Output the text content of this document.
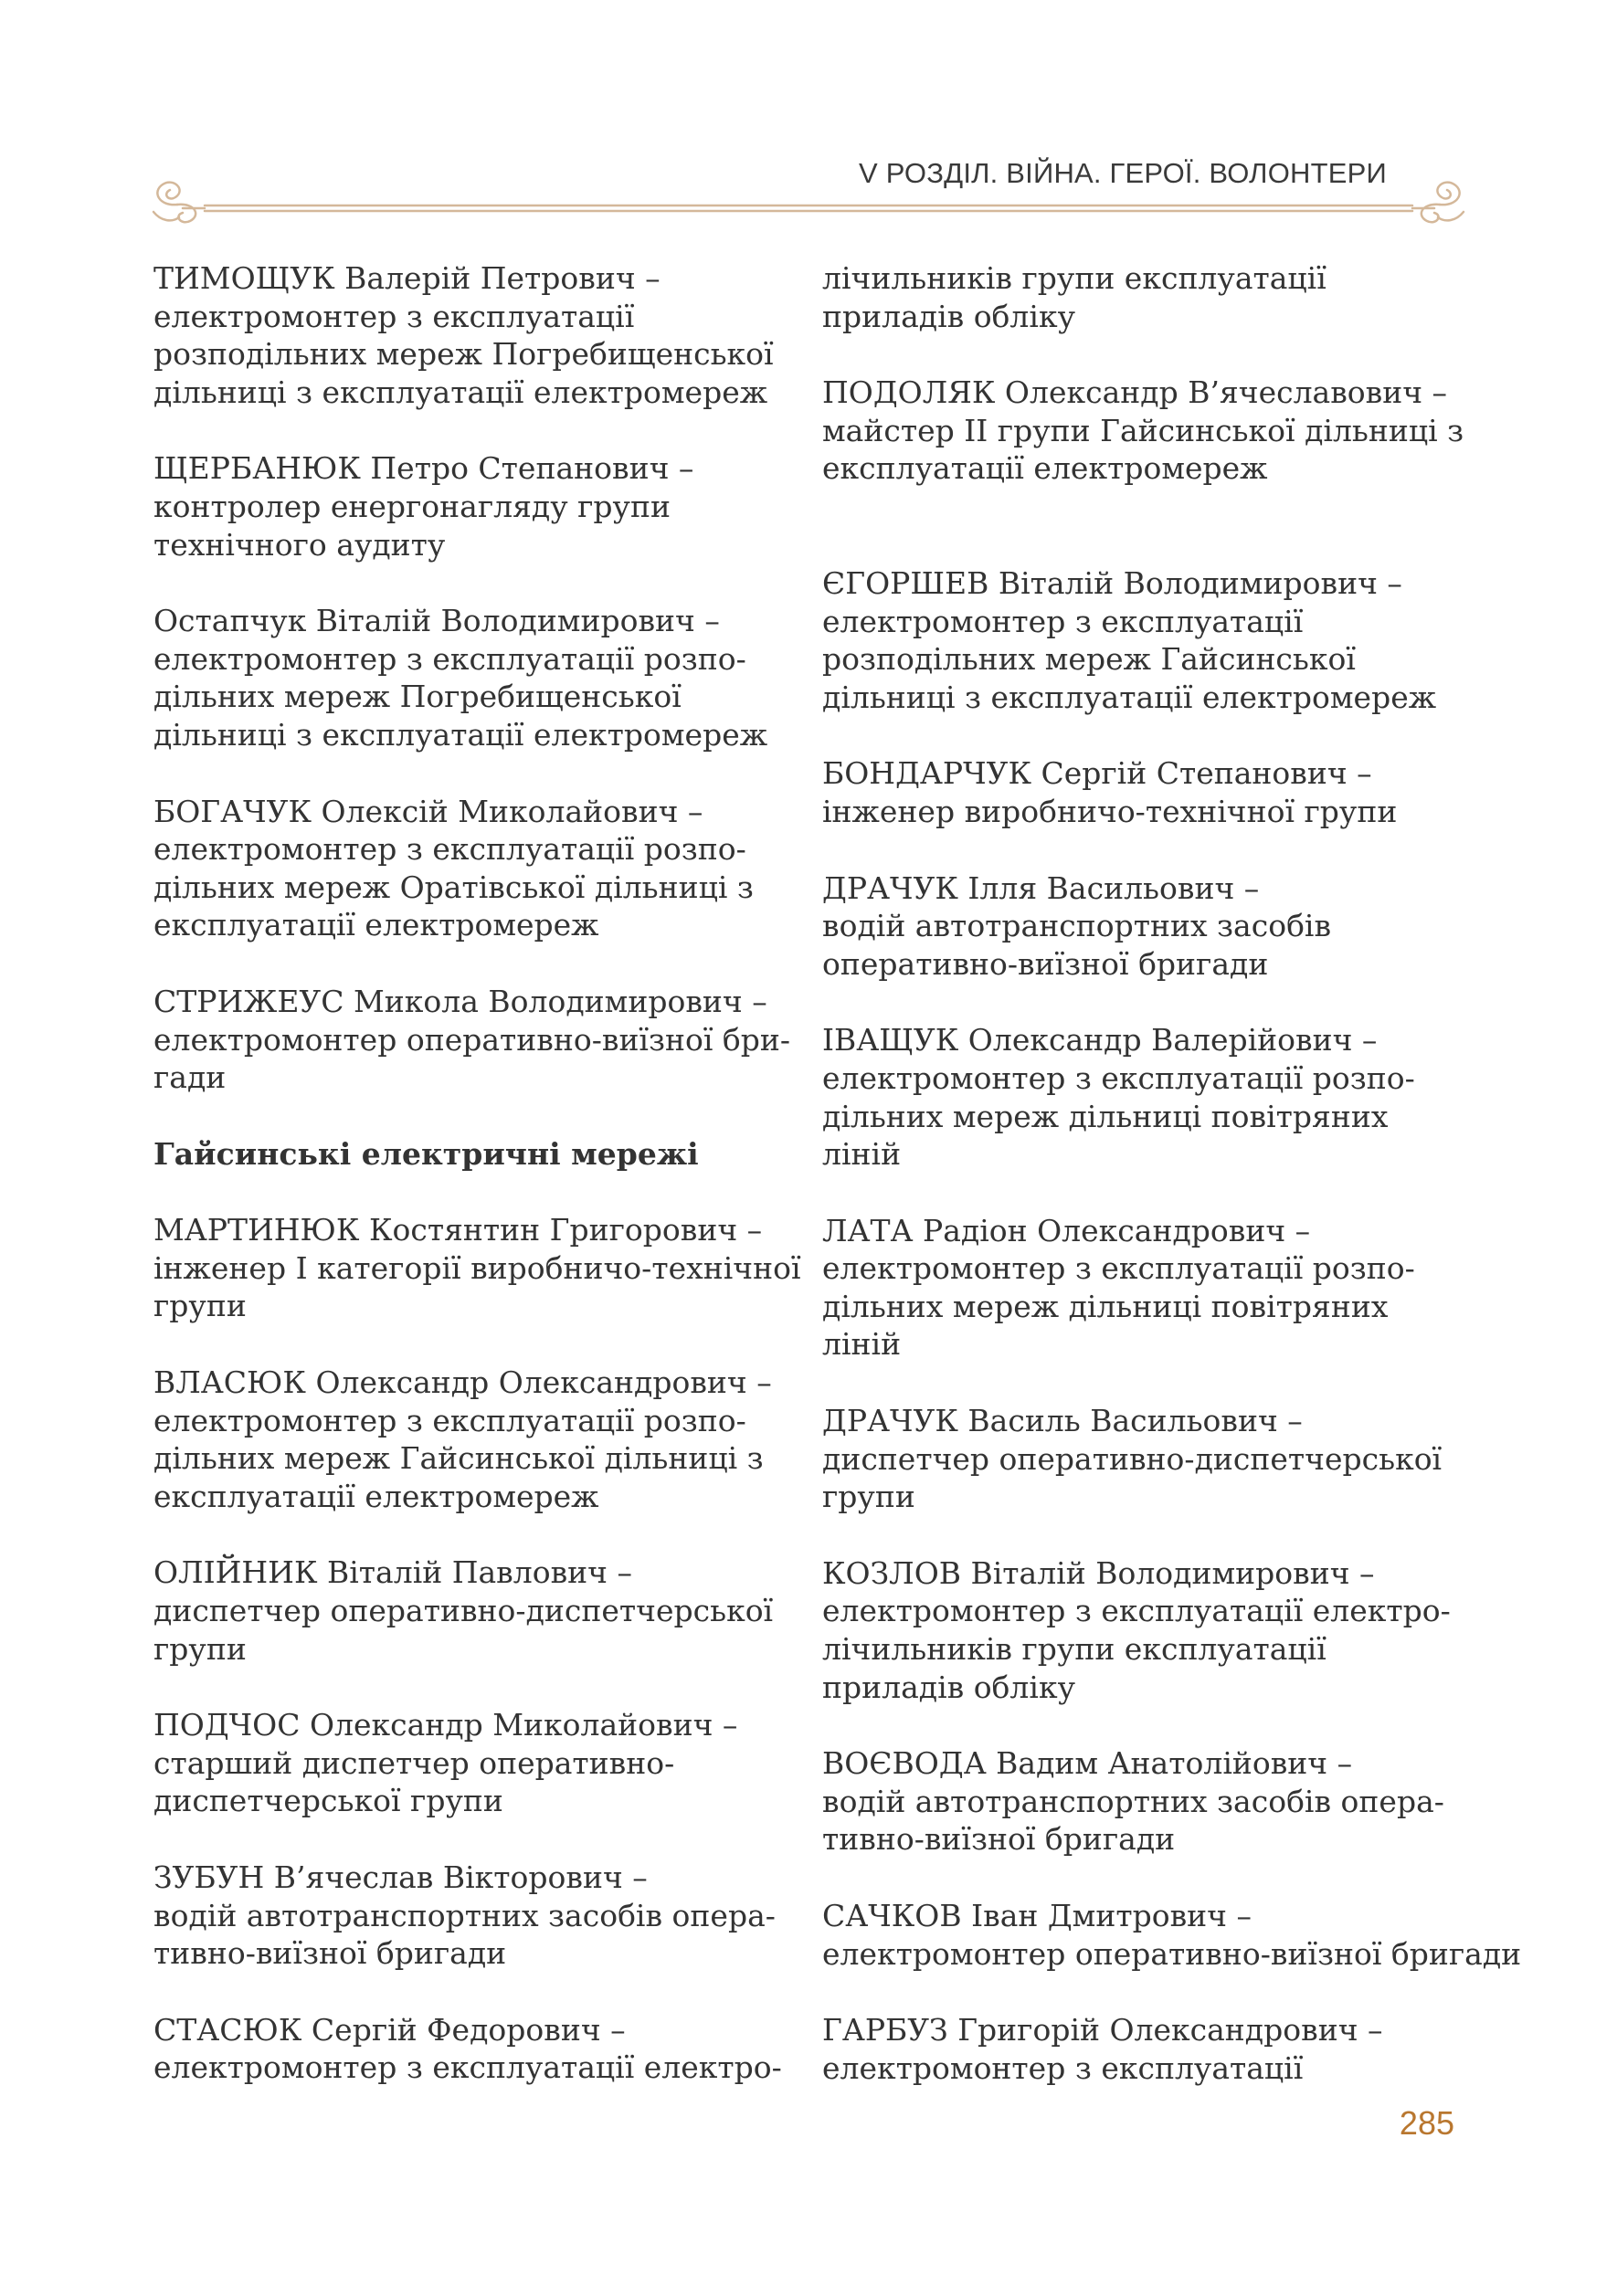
V РОЗДІЛ. ВІЙНА. ГЕРОЇ. ВОЛОНТЕРИ
ТИМОЩУК Валерій Петрович –
електромонтер з експлуатації
розподільних мереж Погребищенської
дільниці з експлуатації електромереж
ЩЕРБАНЮК Петро Степанович –
контролер енергонагляду групи
технічного аудиту
Остапчук Віталій Володимирович –
електромонтер з експлуатації розпо-
дільних мереж Погребищенської
дільниці з експлуатації електромереж
БОГАЧУК Олексій Миколайович –
електромонтер з експлуатації розпо-
дільних мереж Оратівської дільниці з
експлуатації електромереж
СТРИЖЕУС Микола Володимирович –
електромонтер оперативно-виїзної бри-
гади
Гайсинські електричні мережі
МАРТИНЮК Костянтин Григорович –
інженер І категорії виробничо-технічної
групи
ВЛАСЮК Олександр Олександрович –
електромонтер з експлуатації розпо-
дільних мереж Гайсинської дільниці з
експлуатації електромереж
ОЛІЙНИК Віталій Павлович –
диспетчер оперативно-диспетчерської
групи
ПОДЧОС Олександр Миколайович –
старший диспетчер оперативно-
диспетчерської групи
ЗУБУН В’ячеслав Вікторович –
водій автотранспортних засобів опера-
тивно-виїзної бригади
СТАСЮК Сергій Федорович –
електромонтер з експлуатації електро-
лічильників групи експлуатації
приладів обліку
ПОДОЛЯК Олександр В’ячеславович –
майстер ІІ групи Гайсинської дільниці з
експлуатації електромереж
ЄГОРШЕВ Віталій Володимирович –
електромонтер з експлуатації
розподільних мереж Гайсинської
дільниці з експлуатації електромереж
БОНДАРЧУК Сергій Степанович –
інженер виробничо-технічної групи
ДРАЧУК Ілля Васильович –
водій автотранспортних засобів
оперативно-виїзної бригади
ІВАЩУК Олександр Валерійович –
електромонтер з експлуатації розпо-
дільних мереж дільниці повітряних
ліній
ЛАТА Радіон Олександрович –
електромонтер з експлуатації розпо-
дільних мереж дільниці повітряних
ліній
ДРАЧУК Василь Васильович –
диспетчер оперативно-диспетчерської
групи
КОЗЛОВ Віталій Володимирович –
електромонтер з експлуатації електро-
лічильників групи експлуатації
приладів обліку
ВОЄВОДА Вадим Анатолійович –
водій автотранспортних засобів опера-
тивно-виїзної бригади
САЧКОВ Іван Дмитрович –
електромонтер оперативно-виїзної бригади
ГАРБУЗ Григорій Олександрович –
електромонтер з експлуатації
285
